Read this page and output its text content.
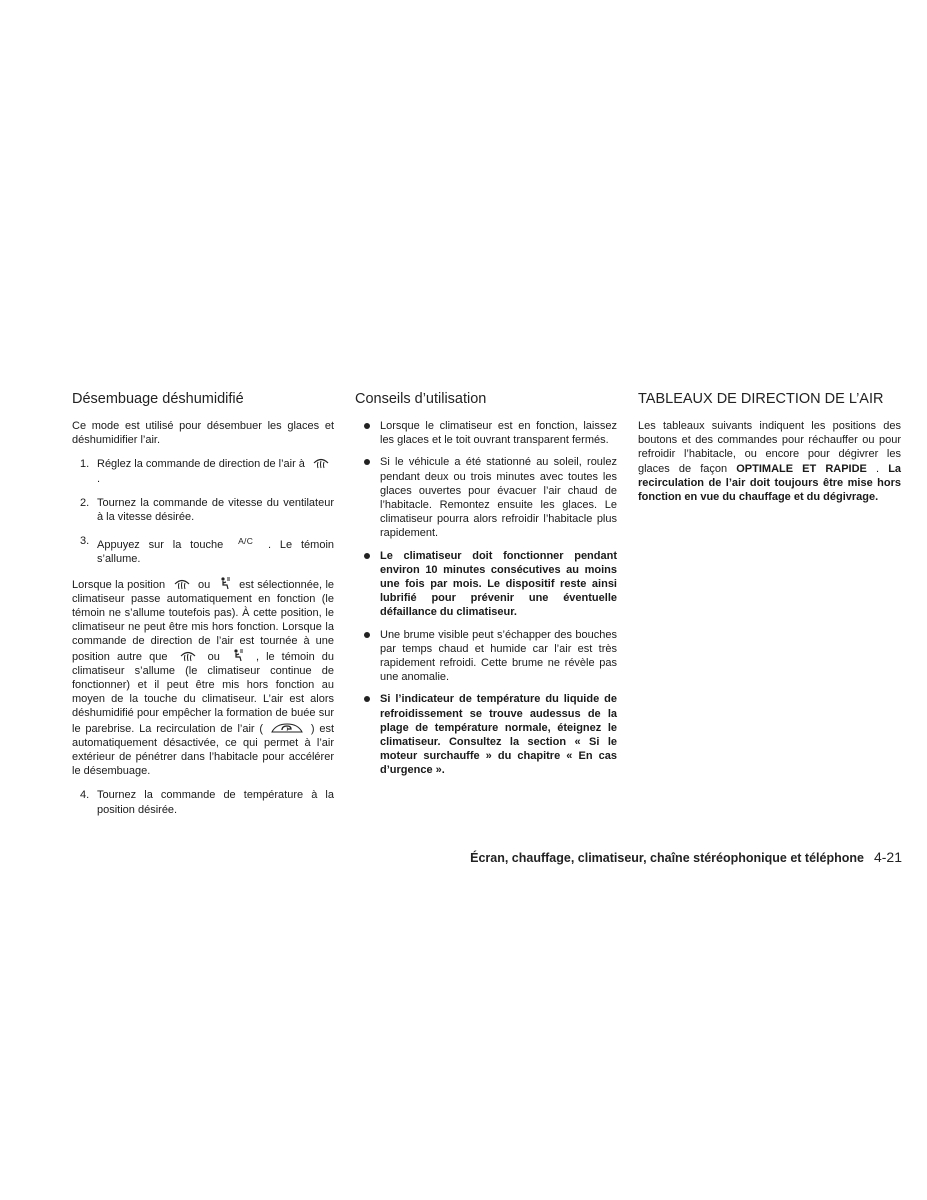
Désembuage déshumidifié

Ce mode est utilisé pour désembuer les glaces et déshumidifier l’air.

1. Réglez la commande de direction de l’air à
.
2. Tournez la commande de vitesse du ventilateur à la vitesse désirée.
3. Appuyez sur la touche $^{A/C}$ . Le témoin s’allume.

Lorsque la position	ou	est sélectionnée, le climatiseur passe automatiquement en fonction (le témoin ne s’allume toutefois pas). À cette position, le climatiseur ne peut être mis hors fonction. Lorsque la commande de direction de l’air est tournée à une position autre que	ou	, le témoin du climatiseur s’allume (le climatiseur continue de fonctionner) et il peut être mis hors fonction au moyen de la touche du climatiseur. L’air est alors déshumidifié pour empêcher la formation de buée sur le parebrise. La recirculation de l’air (	) est automatiquement désactivée, ce qui permet à l’air extérieur de pénétrer dans l’habitacle pour accélérer le désembuage.

4. Tournez la commande de température à la position désirée.
Conseils d’utilisation
Lorsque le climatiseur est en fonction, laissez les glaces et le toit ouvrant transparent fermés.
Si le véhicule a été stationné au soleil, roulez pendant deux ou trois minutes avec toutes les glaces ouvertes pour évacuer l’air chaud de l’habitacle. Remontez ensuite les glaces. Le climatiseur pourra alors refroidir l’habitacle plus rapidement.
Le climatiseur doit fonctionner pendant environ 10 minutes consécutives au moins une fois par mois. Le dispositif reste ainsi lubrifié pour prévenir une éventuelle défaillance du climatiseur.
Une brume visible peut s’échapper des bouches par temps chaud et humide car l’air est très rapidement refroidi. Cette brume ne révèle pas une anomalie.
Si l’indicateur de température du liquide de refroidissement se trouve audessus de la plage de température normale, éteignez le climatiseur. Consultez la section « Si le moteur surchauffe » du chapitre « En cas d’urgence ».
TABLEAUX DE DIRECTION DE L’AIR

Les tableaux suivants indiquent les positions des boutons et des commandes pour réchauffer ou pour refroidir l’habitacle, ou encore pour dégivrer les glaces de façon OPTIMALE ET RAPIDE . La recirculation de l’air doit toujours être mise hors fonction en vue du chauffage et du dégivrage.

Écran, chauffage, climatiseur, chaîne stéréophonique et téléphone 4-21
